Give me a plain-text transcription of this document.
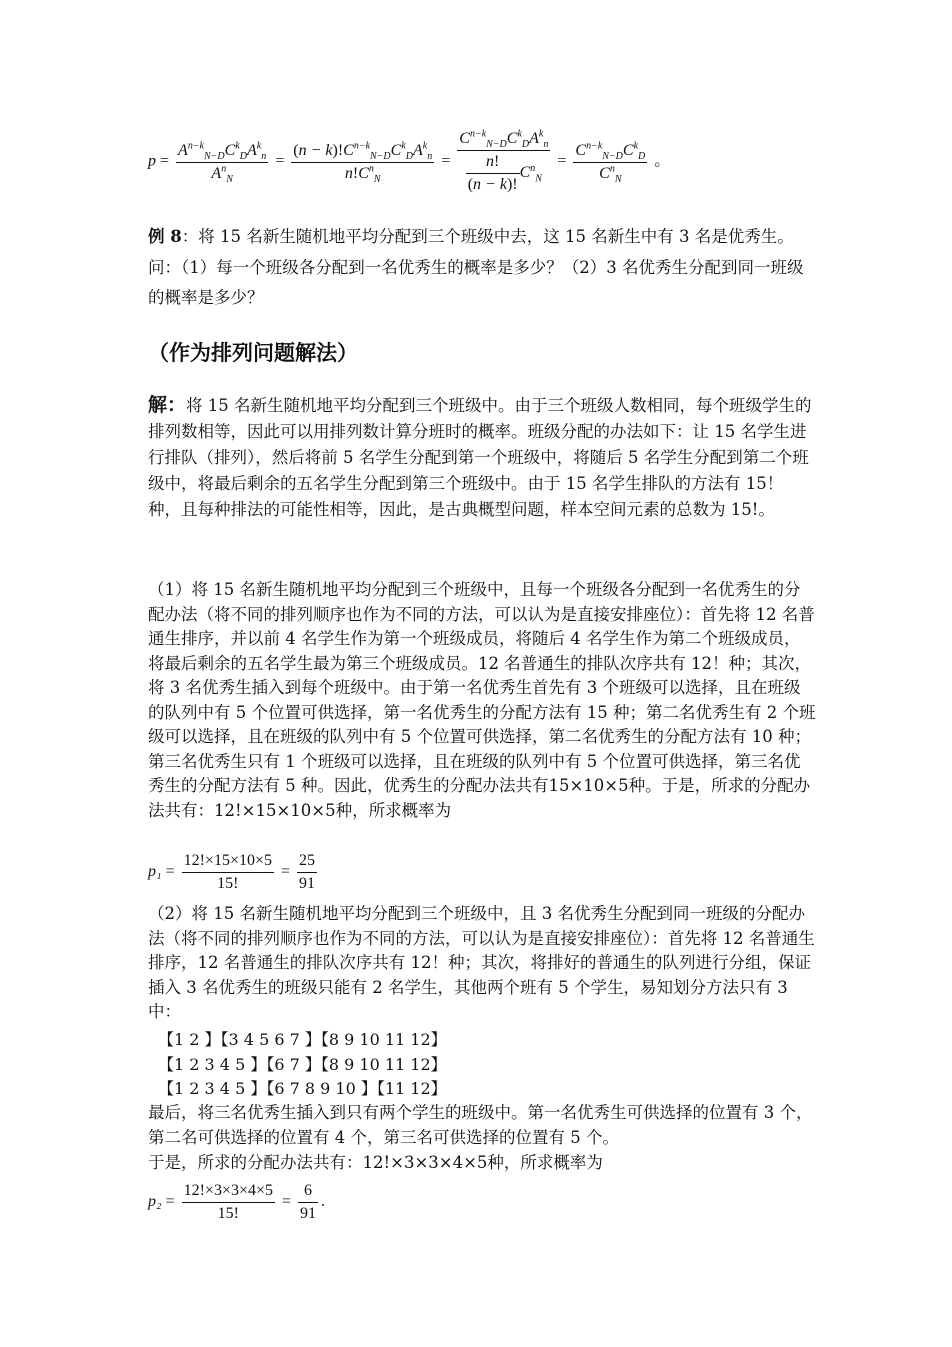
$p = \frac{A^{n-k}_{N-D}C^k_DA^k_n}{A^n_N} = \frac{(n - k)!C^{n-k}_{N-D}C^k_DA^k_n}{n!C^n_N} = \frac{C^{n-k}_{N-D}C^k_DA^k_n}{\frac{n!}{(n - k)!} C^n_N} = \frac{C^{n-k}_{N-D}C^k_D}{C^n_N}$ 。
例 8：将 15 名新生随机地平均分配到三个班级中去，这 15 名新生中有 3 名是优秀生。问：（1）每一个班级各分配到一名优秀生的概率是多少？（2）3 名优秀生分配到同一班级的概率是多少？
（作为排列问题解法）
解：将 15 名新生随机地平均分配到三个班级中。由于三个班级人数相同，每个班级学生的排列数相等，因此可以用排列数计算分班时的概率。班级分配的办法如下：让 15 名学生进行排队（排列），然后将前 5 名学生分配到第一个班级中，将随后 5 名学生分配到第二个班级中，将最后剩余的五名学生分配到第三个班级中。由于 15 名学生排队的方法有 15！种，且每种排法的可能性相等，因此，是古典概型问题，样本空间元素的总数为 15!。
（1）将 15 名新生随机地平均分配到三个班级中，且每一个班级各分配到一名优秀生的分配办法（将不同的排列顺序也作为不同的方法，可以认为是直接安排座位）：首先将 12 名普通生排序，并以前 4 名学生作为第一个班级成员，将随后 4 名学生作为第二个班级成员，将最后剩余的五名学生最为第三个班级成员。12 名普通生的排队次序共有 12！种；其次，将 3 名优秀生插入到每个班级中。由于第一名优秀生首先有 3 个班级可以选择，且在班级的队列中有 5 个位置可供选择，第一名优秀生的分配方法有 15 种；第二名优秀生有 2 个班级可以选择，且在班级的队列中有 5 个位置可供选择，第二名优秀生的分配方法有 10 种；第三名优秀生只有 1 个班级可以选择，且在班级的队列中有 5 个位置可供选择，第三名优秀生的分配方法有 5 种。因此，优秀生的分配办法共有15×10×5种。于是，所求的分配办法共有：12!×15×10×5种，所求概率为
$p_1 = \frac{12!\times 15\times 10\times 5}{15!} = \frac{25}{91}$
（2）将 15 名新生随机地平均分配到三个班级中，且 3 名优秀生分配到同一班级的分配办法（将不同的排列顺序也作为不同的方法，可以认为是直接安排座位）：首先将 12 名普通生排序，12 名普通生的排队次序共有 12！种；其次，将排好的普通生的队列进行分组，保证插入 3 名优秀生的班级只能有 2 名学生，其他两个班有 5 个学生，易知划分方法只有 3 中：
【1 2 】【3 4 5 6 7 】【8 9 10 11 12】
【1 2 3 4 5 】【6 7 】【8 9 10 11 12】
【1 2 3 4 5 】【6 7 8 9 10 】【11 12】
最后，将三名优秀生插入到只有两个学生的班级中。第一名优秀生可供选择的位置有 3 个，第二名可供选择的位置有 4 个，第三名可供选择的位置有 5 个。
于是，所求的分配办法共有：12!×3×3×4×5种，所求概率为
$p_2 = \frac{12!\times 3\times 3\times 4\times 5}{15!} = \frac{6}{91}$ .
